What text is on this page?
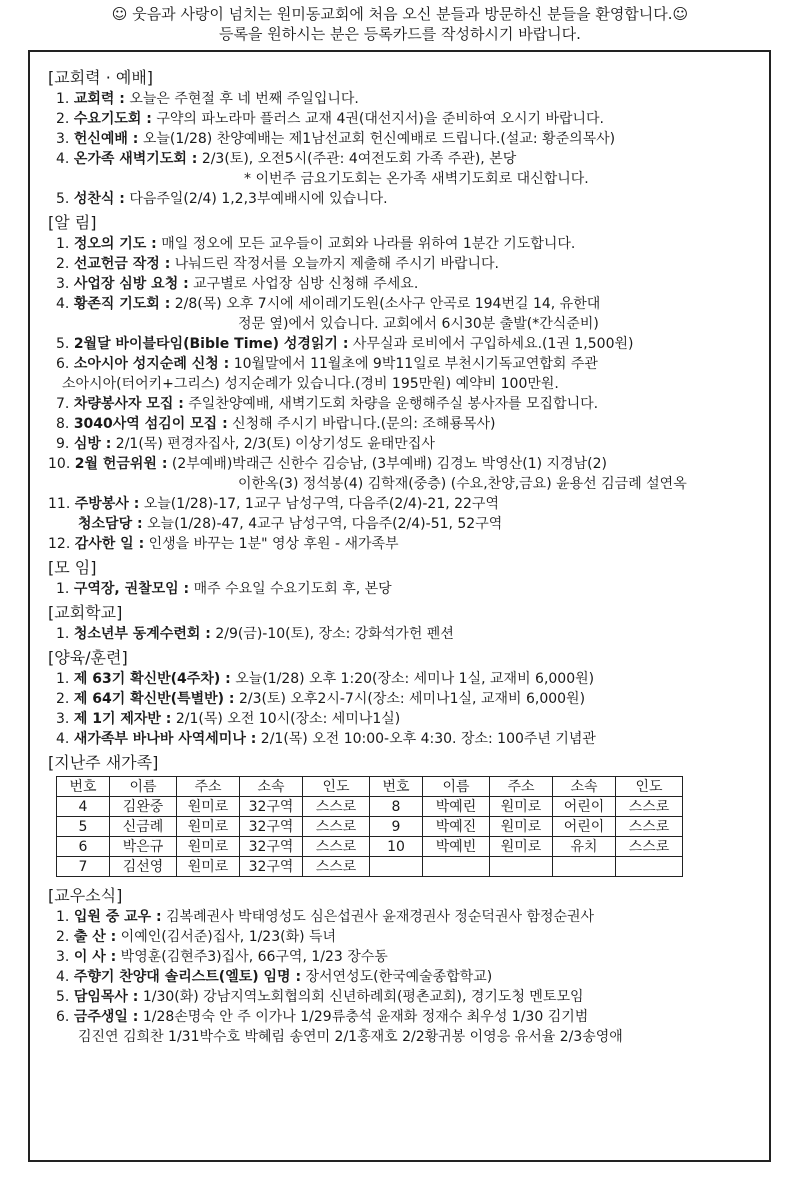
☺ 웃음과 사랑이 넘치는 원미동교회에 처음 오신 분들과 방문하신 분들을 환영합니다.☺
등록을 원하시는 분은 등록카드를 작성하시기 바랍니다.
[교회력 · 예배]
1. 교회력 : 오늘은 주현절 후 네 번째 주일입니다.
2. 수요기도회 : 구약의 파노라마 플러스 교재 4권(대선지서)을 준비하여 오시기 바랍니다.
3. 헌신예배 : 오늘(1/28) 찬양예배는 제1남선교회 헌신예배로 드립니다.(설교: 황준의목사)
4. 온가족 새벽기도회 : 2/3(토), 오전5시(주관: 4여전도회 가족 주관), 본당
* 이번주 금요기도회는 온가족 새벽기도회로 대신합니다.
5. 성찬식 : 다음주일(2/4) 1,2,3부예배시에 있습니다.
[알 림]
1. 정오의 기도 : 매일 정오에 모든 교우들이 교회와 나라를 위하여 1분간 기도합니다.
2. 선교헌금 작정 : 나눠드린 작정서를 오늘까지 제출해 주시기 바랍니다.
3. 사업장 심방 요청 : 교구별로 사업장 심방 신청해 주세요.
4. 황존직 기도회 : 2/8(목) 오후 7시에 세이레기도원(소사구 안곡로 194번길 14, 유한대
정문 옆)에서 있습니다. 교회에서 6시30분 출발(*간식준비)
5. 2월달 바이블타임(Bible Time) 성경읽기 : 사무실과 로비에서 구입하세요.(1권 1,500원)
6. 소아시아 성지순례 신청 : 10월말에서 11월초에 9박11일로 부천시기독교연합회 주관
소아시아(터어키+그리스) 성지순례가 있습니다.(경비 195만원) 예약비 100만원.
7. 차량봉사자 모집 : 주일찬양예배, 새벽기도회 차량을 운행해주실 봉사자를 모집합니다.
8. 3040사역 섬김이 모집 : 신청해 주시기 바랍니다.(문의: 조해룡목사)
9. 심방 : 2/1(목) 편경자집사, 2/3(토) 이상기성도 윤태만집사
10. 2월 헌금위원 : (2부예배)박래근 신한수 김승남, (3부예배) 김경노 박영산(1) 지경남(2)
이한옥(3) 정석봉(4) 김학재(중층) (수요,찬양,금요) 윤용선 김금례 설연옥
11. 주방봉사 : 오늘(1/28)-17, 1교구 남성구역, 다음주(2/4)-21, 22구역
청소담당 : 오늘(1/28)-47, 4교구 남성구역, 다음주(2/4)-51, 52구역
12. 감사한 일 : 인생을 바꾸는 1분" 영상 후원 - 새가족부
[모 임]
1. 구역장, 권찰모임 : 매주 수요일 수요기도회 후, 본당
[교회학교]
1. 청소년부 동계수련회 : 2/9(금)-10(토), 장소: 강화석가헌 펜션
[양육/훈련]
1. 제 63기 확신반(4주차) : 오늘(1/28) 오후 1:20(장소: 세미나 1실, 교재비 6,000원)
2. 제 64기 확신반(특별반) : 2/3(토) 오후2시-7시(장소: 세미나1실, 교재비 6,000원)
3. 제 1기 제자반 : 2/1(목) 오전 10시(장소: 세미나1실)
4. 새가족부 바나바 사역세미나 : 2/1(목) 오전 10:00-오후 4:30. 장소: 100주년 기념관
[지난주 새가족]
번호	이름	주소	소속	인도	번호	이름	주소	소속	인도
4	김완중	원미로	32구역	스스로	8	박예린	원미로	어린이	스스로
5	신금례	원미로	32구역	스스로	9	박예진	원미로	어린이	스스로
6	박은규	원미로	32구역	스스로	10	박예빈	원미로	유치	스스로
7	김선영	원미로	32구역	스스로					
[교우소식]
1. 입원 중 교우 : 김복례권사 박태영성도 심은섭권사 윤재경권사 정순덕권사 함정순권사
2. 출 산 : 이예인(김서준)집사, 1/23(화) 득녀
3. 이 사 : 박영훈(김현주3)집사, 66구역, 1/23 장수동
4. 주향기 찬양대 솔리스트(엘토) 임명 : 장서연성도(한국예술종합학교)
5. 담임목사 : 1/30(화) 강남지역노회협의회 신년하례회(평촌교회), 경기도청 멘토모임
6. 금주생일 : 1/28손명숙 안 주 이가나 1/29류충석 윤재화 정재수 최우성 1/30 김기범
김진연 김희찬 1/31박수호 박혜림 송연미 2/1홍재호 2/2황귀봉 이영응 유서율 2/3송영애
